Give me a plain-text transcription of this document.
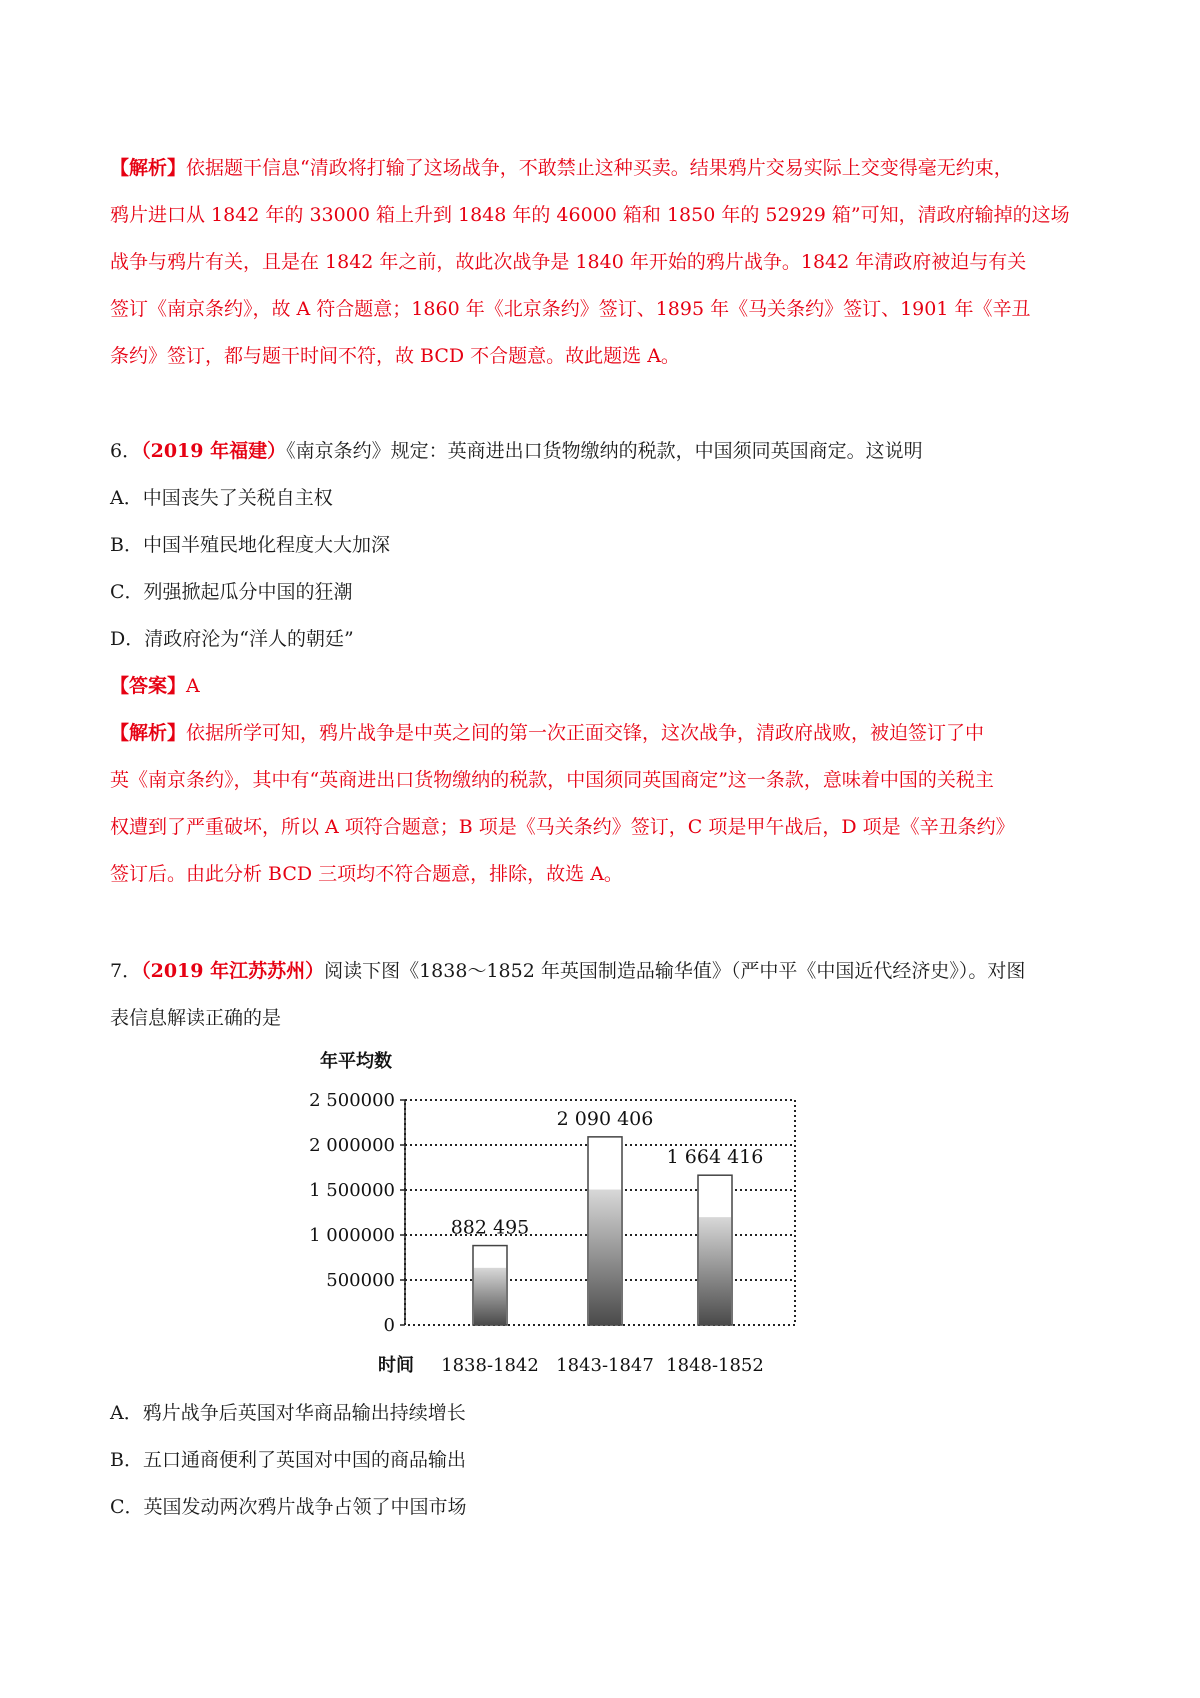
【解析】依据题干信息“清政将打输了这场战争，不敢禁止这种买卖。结果鸦片交易实际上交变得毫无约束，

鸦片进口从 1842 年的 33000 箱上升到 1848 年的 46000 箱和 1850 年的 52929 箱”可知，清政府输掉的这场

战争与鸦片有关，且是在 1842 年之前，故此次战争是 1840 年开始的鸦片战争。1842 年清政府被迫与有关

签订《南京条约》，故 A 符合题意；1860 年《北京条约》签订、1895 年《马关条约》签订、1901 年《辛丑

条约》签订，都与题干时间不符，故 BCD 不合题意。故此题选 A。

6．（2019 年福建）《南京条约》规定：英商进出口货物缴纳的税款，中国须同英国商定。这说明

A．中国丧失了关税自主权

B．中国半殖民地化程度大大加深

C．列强掀起瓜分中国的狂潮

D．清政府沦为“洋人的朝廷”

【答案】A

【解析】依据所学可知，鸦片战争是中英之间的第一次正面交锋，这次战争，清政府战败，被迫签订了中

英《南京条约》，其中有“英商进出口货物缴纳的税款，中国须同英国商定”这一条款，意味着中国的关税主

权遭到了严重破坏，所以 A 项符合题意；B 项是《马关条约》签订，C 项是甲午战后，D 项是《辛丑条约》

签订后。由此分析 BCD 三项均不符合题意，排除，故选 A。

7．（2019 年江苏苏州）阅读下图《1838～1852 年英国制造品输华值》（严中平《中国近代经济史》）。对图

表信息解读正确的是

A．鸦片战争后英国对华商品输出持续增长

B．五口通商便利了英国对中国的商品输出

C．英国发动两次鸦片战争占领了中国市场

年平均数
时间
0
500000
1 000000
1 500000
2 000000
2 500000
882 495
2 090 406
1 664 416
1838-1842 1843-1847 1848-1852
